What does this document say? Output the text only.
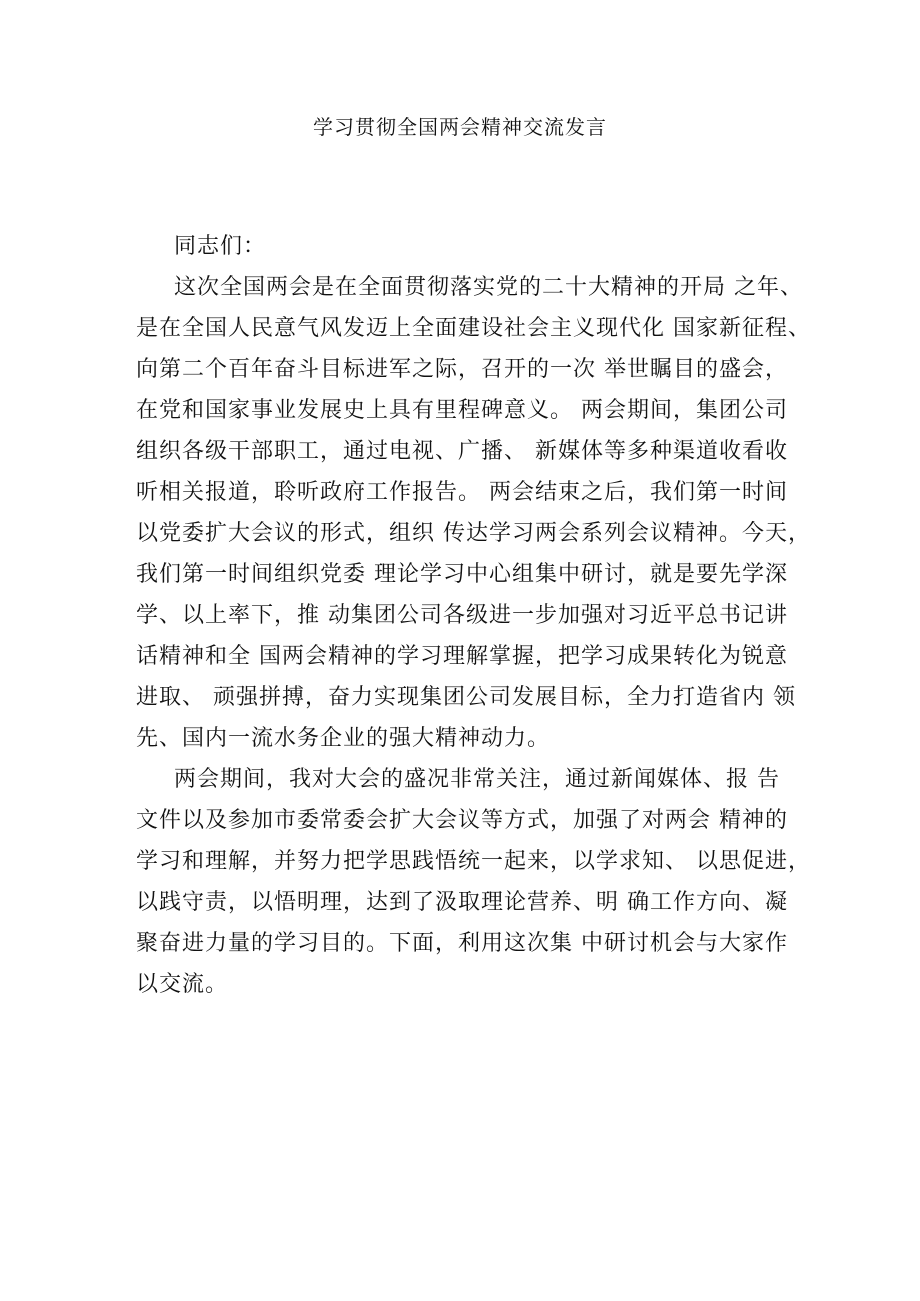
学习贯彻全国两会精神交流发言
同志们：
这次全国两会是在全面贯彻落实党的二十大精神的开局 之年、
是在全国人民意气风发迈上全面建设社会主义现代化 国家新征程、
向第二个百年奋斗目标进军之际，召开的一次 举世瞩目的盛会，
在党和国家事业发展史上具有里程碑意义。 两会期间，集团公司
组织各级干部职工，通过电视、广播、 新媒体等多种渠道收看收
听相关报道，聆听政府工作报告。 两会结束之后，我们第一时间
以党委扩大会议的形式，组织 传达学习两会系列会议精神。今天，
我们第一时间组织党委 理论学习中心组集中研讨，就是要先学深
学、以上率下，推 动集团公司各级进一步加强对习近平总书记讲
话精神和全 国两会精神的学习理解掌握，把学习成果转化为锐意
进取、 顽强拼搏，奋力实现集团公司发展目标，全力打造省内 领
先、国内一流水务企业的强大精神动力。
两会期间，我对大会的盛况非常关注，通过新闻媒体、报 告
文件以及参加市委常委会扩大会议等方式，加强了对两会 精神的
学习和理解，并努力把学思践悟统一起来，以学求知、 以思促进，
以践守责，以悟明理，达到了汲取理论营养、明 确工作方向、凝
聚奋进力量的学习目的。下面，利用这次集 中研讨机会与大家作
以交流。
